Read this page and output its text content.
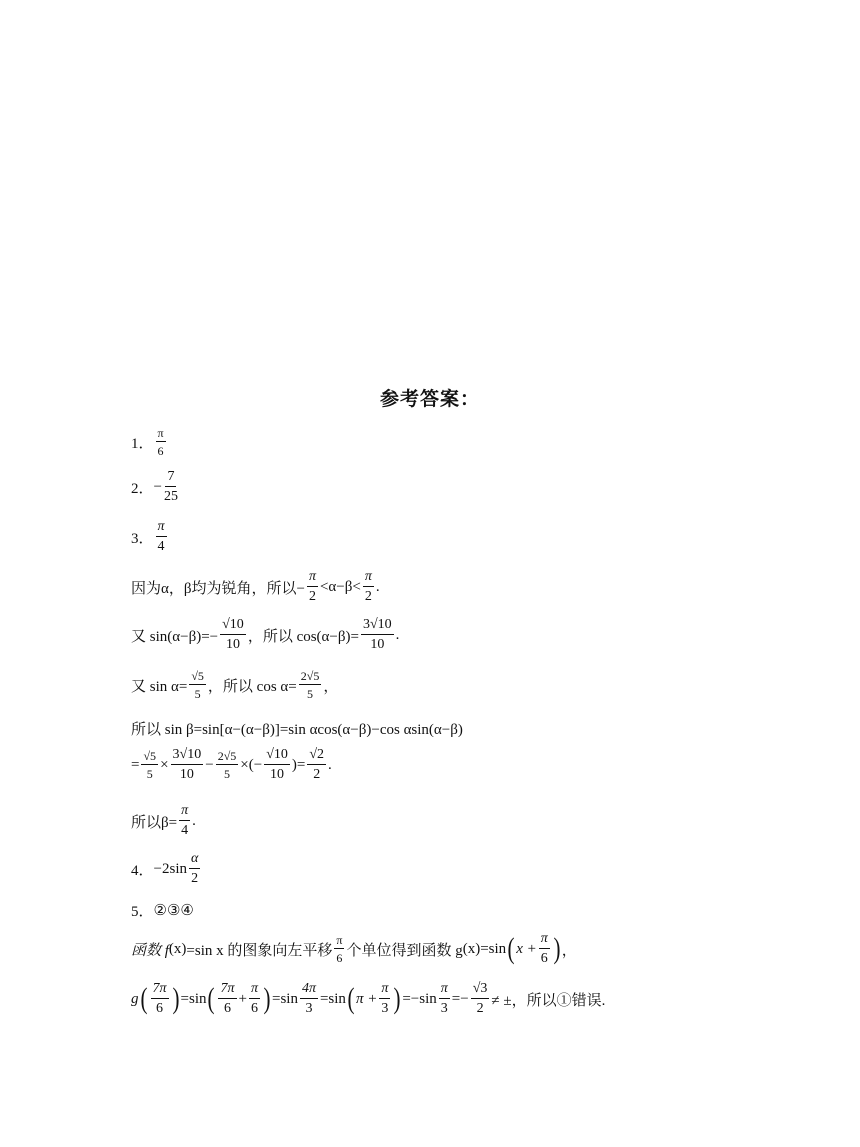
参考答案：
1． $\frac{\pi}{6}$
2． − $\frac{7}{25}$
3． $\frac{\pi}{4}$
因为α，β均为锐角，所以− $\frac{\pi}{2} <\alpha-\beta< \frac{\pi}{2}$ .
又 $\sin(\alpha-\beta)=- \frac{√10}{10}$ ，所以 $\cos(\alpha-\beta)= \frac{3√10}{10}$ .
又 $\sin \alpha= \frac{√5}{5}$ ，所以 $\cos \alpha= \frac{2√5}{5}$ ，
所以 sin β=sin[α−(α−β)]=sin αcos(α−β)−cos αsin(α−β)
= $\frac{√5}{5} \times \frac{3√10}{10} - \frac{2√5}{5}$ ×(− $\frac{√10}{10}$ )= $\frac{√2}{2}$ .
所以$\beta= \frac{\pi}{4}$ .
4． $-2\sin \frac{\alpha}{2}$
5． ②③④
函数 f (x) =sin x 的图象向左平移 $\frac{\pi}{6}$ 个单位得到函数 g (x) =sin ( $x + \frac{\pi}{6}$ ) ，
g ( $\frac{7\pi}{6}$ ) =sin ( $\frac{7\pi}{6} + \frac{\pi}{6}$ ) $=\sin \frac{4\pi}{3} =\sin$ ( $\pi + \frac{\pi}{3}$ ) $=-\sin \frac{\pi}{3} =- \frac{√3}{2}$ ≠ ±，所以①错误.
